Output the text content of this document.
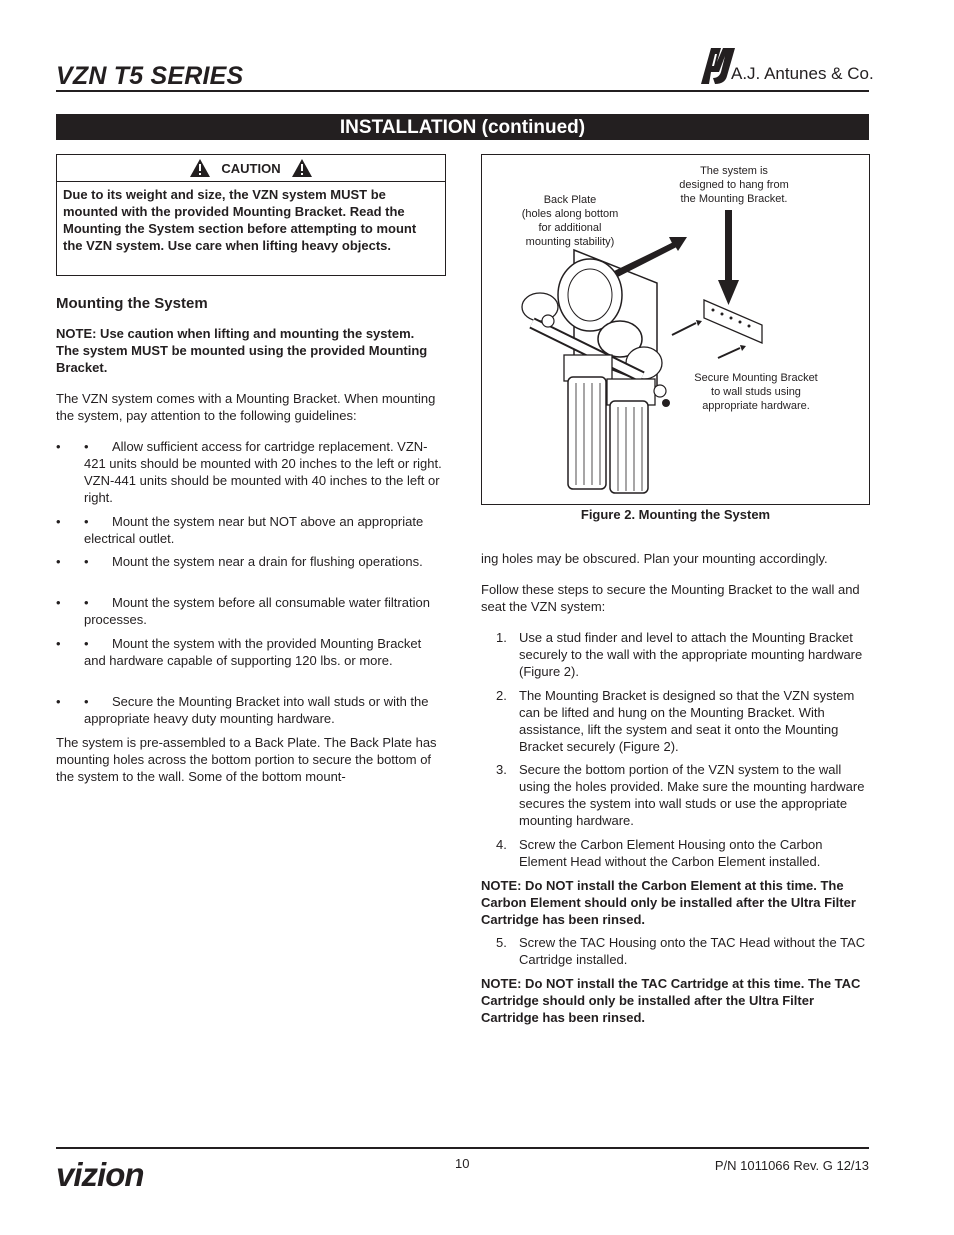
VZN T5 SERIES	A.J. Antunes & Co.
INSTALLATION (continued)
CAUTION
Due to its weight and size, the VZN system MUST be mounted with the provided Mounting Bracket. Read the Mounting the System section before attempting to mount the VZN system. Use care when lifting heavy objects.
Mounting the System
NOTE: Use caution when lifting and mounting the system. The system MUST be mounted using the provided Mounting Bracket.
The VZN system comes with a Mounting Bracket. When mounting the system, pay attention to the following guidelines:
•	• Allow sufficient access for cartridge replacement. VZN-421 units should be mounted with 20 inches to the left or right. VZN-441 units should be mounted with 40 inches to the left or right.
•	• Mount the system near but NOT above an appropriate electrical outlet.
•	• Mount the system near a drain for flushing operations.
•	• Mount the system before all consumable water filtration processes.
•	• Mount the system with the provided Mounting Bracket and hardware capable of supporting 120 lbs. or more.
•	• Secure the Mounting Bracket into wall studs or with the appropriate heavy duty mounting hardware.
The system is pre-assembled to a Back Plate. The Back Plate has mounting holes across the bottom portion to secure the bottom of the system to the wall. Some of the bottom mount-
Back Plate
(holes along bottom
for additional
mounting stability)
The system is
designed to hang from
the Mounting Bracket.
Secure Mounting Bracket
to wall studs using
appropriate hardware.
Figure 2. Mounting the System
ing holes may be obscured. Plan your mounting accordingly.
Follow these steps to secure the Mounting Bracket to the wall and seat the VZN system:
1. Use a stud finder and level to attach the Mounting Bracket securely to the wall with the appropriate mounting hardware (Figure 2).
2. The Mounting Bracket is designed so that the VZN system can be lifted and hung on the Mounting Bracket. With assistance, lift the system and seat it onto the Mounting Bracket securely (Figure 2).
3. Secure the bottom portion of the VZN system to the wall using the holes provided. Make sure the mounting hardware secures the system into wall studs or use the appropriate mounting hardware.
4. Screw the Carbon Element Housing onto the Carbon Element Head without the Carbon Element installed.
NOTE: Do NOT install the Carbon Element at this time. The Carbon Element should only be installed after the Ultra Filter Cartridge has been rinsed.
5. Screw the TAC Housing onto the TAC Head without the TAC Cartridge installed.
NOTE: Do NOT install the TAC Cartridge at this time. The TAC Cartridge should only be installed after the Ultra Filter Cartridge has been rinsed.
vizion	10	P/N 1011066 Rev. G 12/13
